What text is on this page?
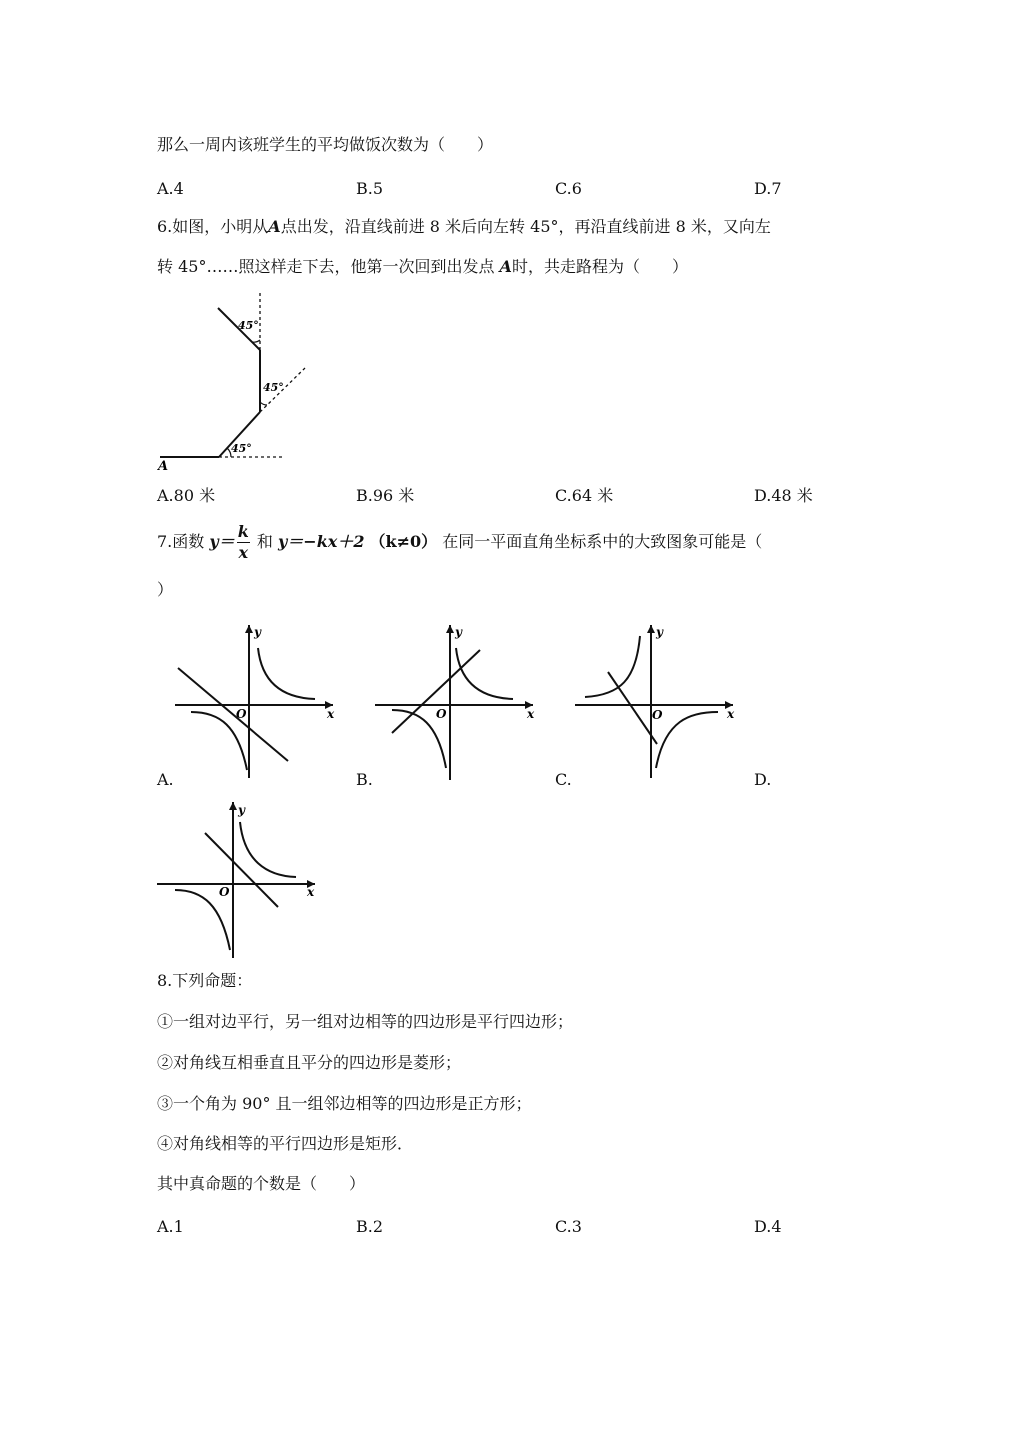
那么一周内该班学生的平均做饭次数为（　　）
A.4	B.5	C.6	D.7
6.如图，小明从A点出发，沿直线前进 8 米后向左转 45°，再沿直线前进 8 米，又向左
转 45°……照这样走下去，他第一次回到出发点 A时，共走路程为（　　）
45°
45°
45°
A
A.80 米	B.96 米	C.64 米	D.48 米
7.函数 $y= \frac{k}{x}$ 和 y＝−kx＋2 （k≠0） 在同一平面直角坐标系中的大致图象可能是（
）
x
y
O
A.
x
y
O
B.
x
y
O
C.	D.
x
y
O
8.下列命题：
①一组对边平行，另一组对边相等的四边形是平行四边形；
②对角线互相垂直且平分的四边形是菱形；
③一个角为 90° 且一组邻边相等的四边形是正方形；
④对角线相等的平行四边形是矩形．
其中真命题的个数是（　　）
A.1	B.2	C.3	D.4
